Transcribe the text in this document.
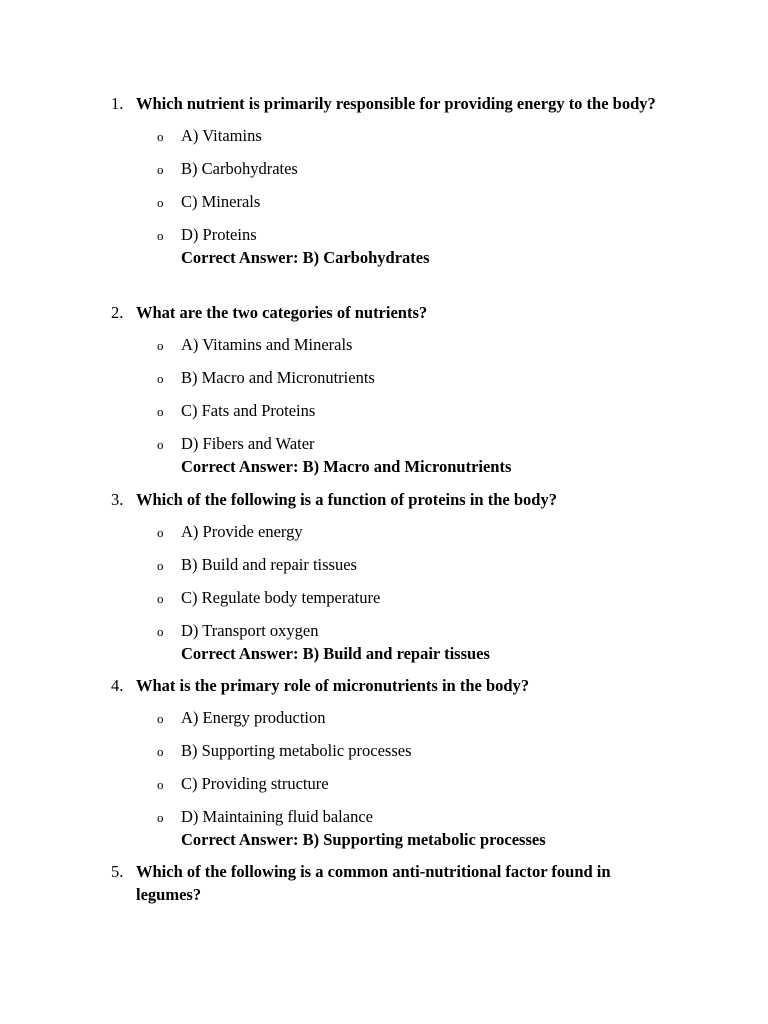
1. Which nutrient is primarily responsible for providing energy to the body?
o A) Vitamins
o B) Carbohydrates
o C) Minerals
o D) Proteins
Correct Answer: B) Carbohydrates
2. What are the two categories of nutrients?
o A) Vitamins and Minerals
o B) Macro and Micronutrients
o C) Fats and Proteins
o D) Fibers and Water
Correct Answer: B) Macro and Micronutrients
3. Which of the following is a function of proteins in the body?
o A) Provide energy
o B) Build and repair tissues
o C) Regulate body temperature
o D) Transport oxygen
Correct Answer: B) Build and repair tissues
4. What is the primary role of micronutrients in the body?
o A) Energy production
o B) Supporting metabolic processes
o C) Providing structure
o D) Maintaining fluid balance
Correct Answer: B) Supporting metabolic processes
5. Which of the following is a common anti-nutritional factor found in legumes?
